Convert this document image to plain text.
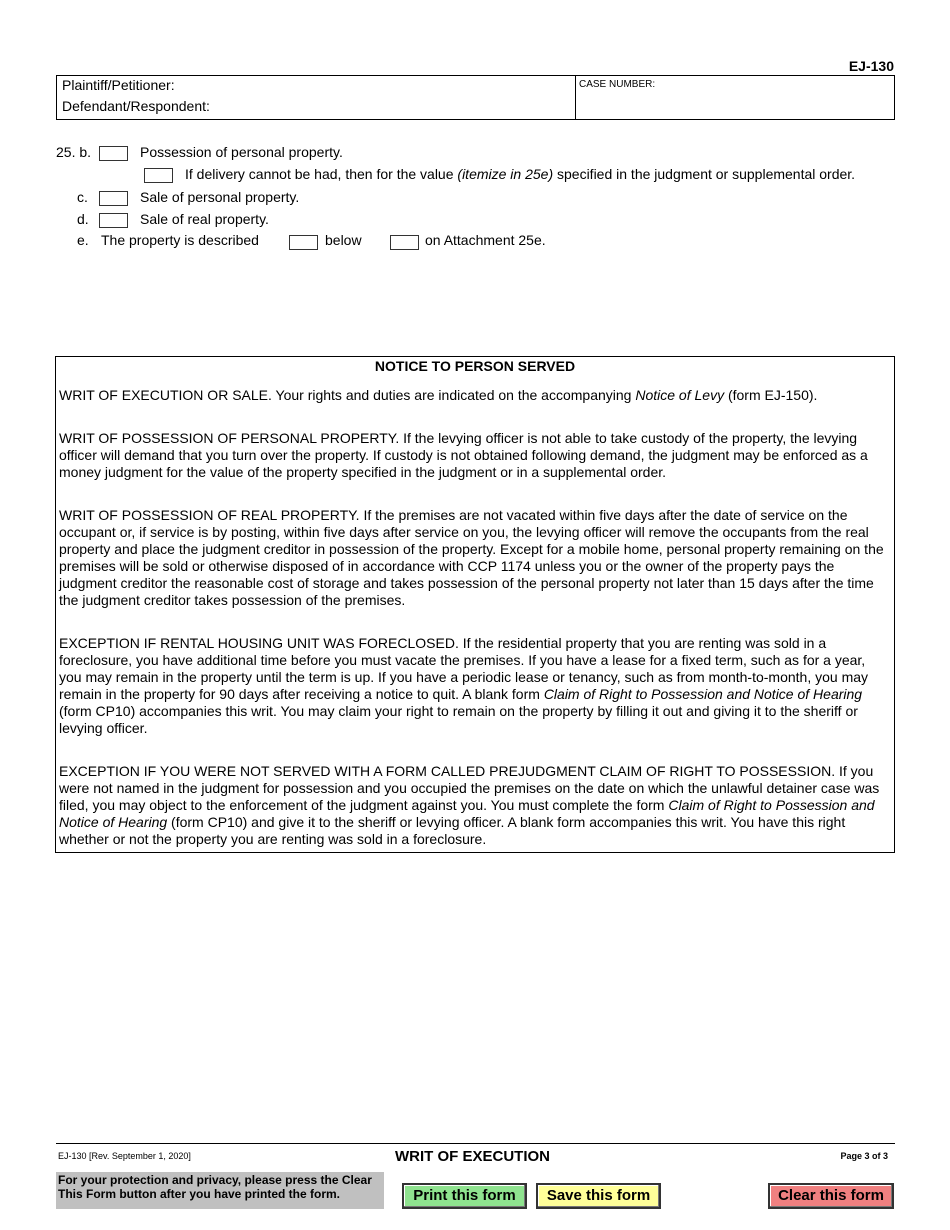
EJ-130
Plaintiff/Petitioner:
Defendant/Respondent:
CASE NUMBER:
25. b.	Possession of personal property.
If delivery cannot be had, then for the value (itemize in 25e) specified in the judgment or supplemental order.
c.	Sale of personal property.
d.	Sale of real property.
e. The property is described	below	on Attachment 25e.
NOTICE TO PERSON SERVED

WRIT OF EXECUTION OR SALE. Your rights and duties are indicated on the accompanying Notice of Levy (form EJ-150).

WRIT OF POSSESSION OF PERSONAL PROPERTY. If the levying officer is not able to take custody of the property, the levying officer will demand that you turn over the property. If custody is not obtained following demand, the judgment may be enforced as a money judgment for the value of the property specified in the judgment or in a supplemental order.

WRIT OF POSSESSION OF REAL PROPERTY. If the premises are not vacated within five days after the date of service on the occupant or, if service is by posting, within five days after service on you, the levying officer will remove the occupants from the real property and place the judgment creditor in possession of the property. Except for a mobile home, personal property remaining on the premises will be sold or otherwise disposed of in accordance with CCP 1174 unless you or the owner of the property pays the judgment creditor the reasonable cost of storage and takes possession of the personal property not later than 15 days after the time the judgment creditor takes possession of the premises.

EXCEPTION IF RENTAL HOUSING UNIT WAS FORECLOSED. If the residential property that you are renting was sold in a foreclosure, you have additional time before you must vacate the premises. If you have a lease for a fixed term, such as for a year, you may remain in the property until the term is up. If you have a periodic lease or tenancy, such as from month-to-month, you may remain in the property for 90 days after receiving a notice to quit. A blank form Claim of Right to Possession and Notice of Hearing (form CP10) accompanies this writ. You may claim your right to remain on the property by filling it out and giving it to the sheriff or levying officer.

EXCEPTION IF YOU WERE NOT SERVED WITH A FORM CALLED PREJUDGMENT CLAIM OF RIGHT TO POSSESSION. If you were not named in the judgment for possession and you occupied the premises on the date on which the unlawful detainer case was filed, you may object to the enforcement of the judgment against you. You must complete the form Claim of Right to Possession and Notice of Hearing (form CP10) and give it to the sheriff or levying officer. A blank form accompanies this writ. You have this right whether or not the property you are renting was sold in a foreclosure.

EJ-130 [Rev. September 1, 2020]	WRIT OF EXECUTION	Page 3 of 3
For your protection and privacy, please press the Clear This Form button after you have printed the form.	Print this form	Save this form	Clear this form
